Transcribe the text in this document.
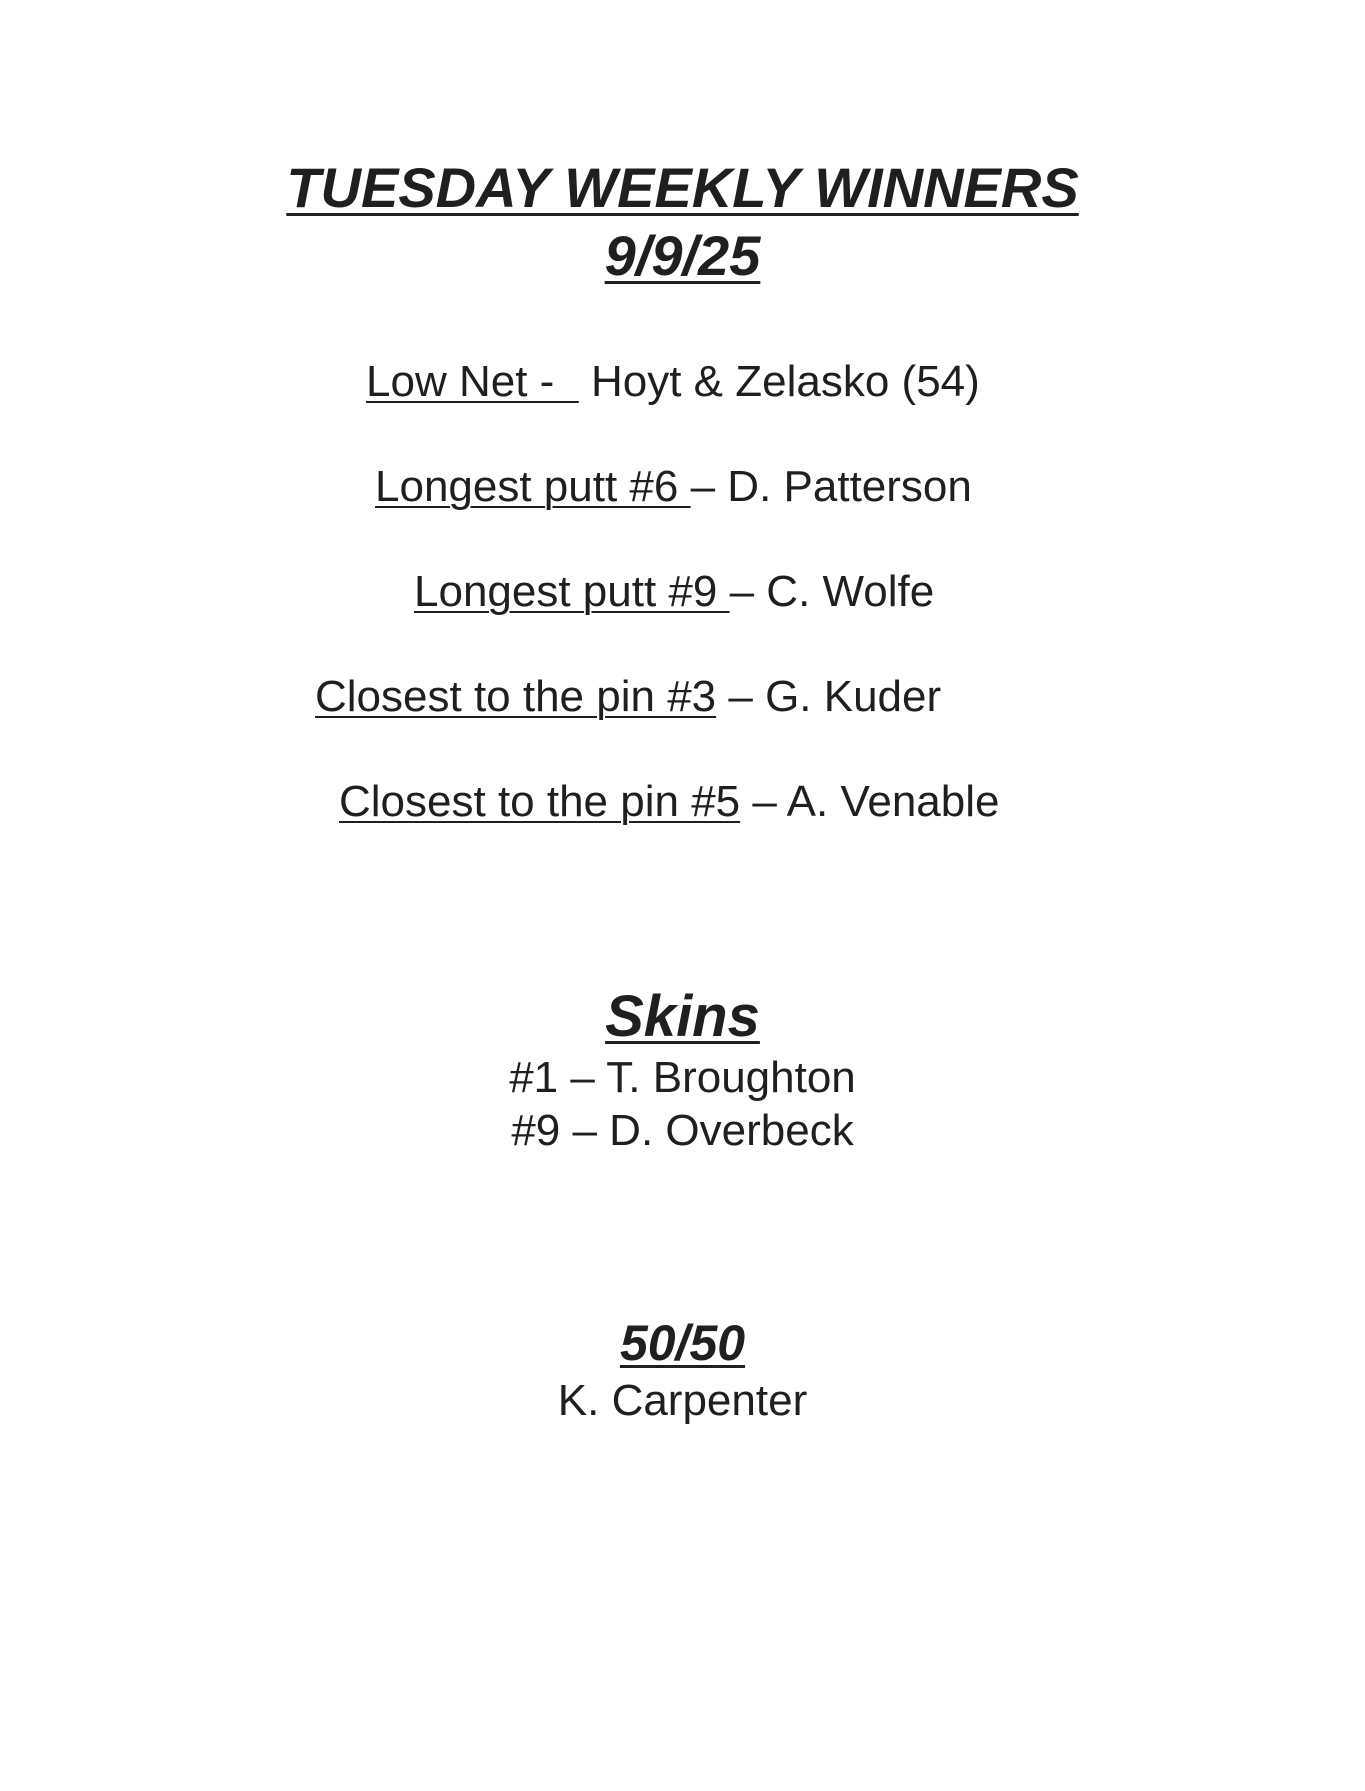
TUESDAY WEEKLY WINNERS
9/9/25
Low Net -   Hoyt & Zelasko (54)
Longest putt #6 – D. Patterson
Longest putt #9 – C. Wolfe
Closest to the pin #3 – G. Kuder
Closest to the pin #5 – A. Venable
Skins
#1 – T. Broughton
#9 – D. Overbeck
50/50
K. Carpenter
